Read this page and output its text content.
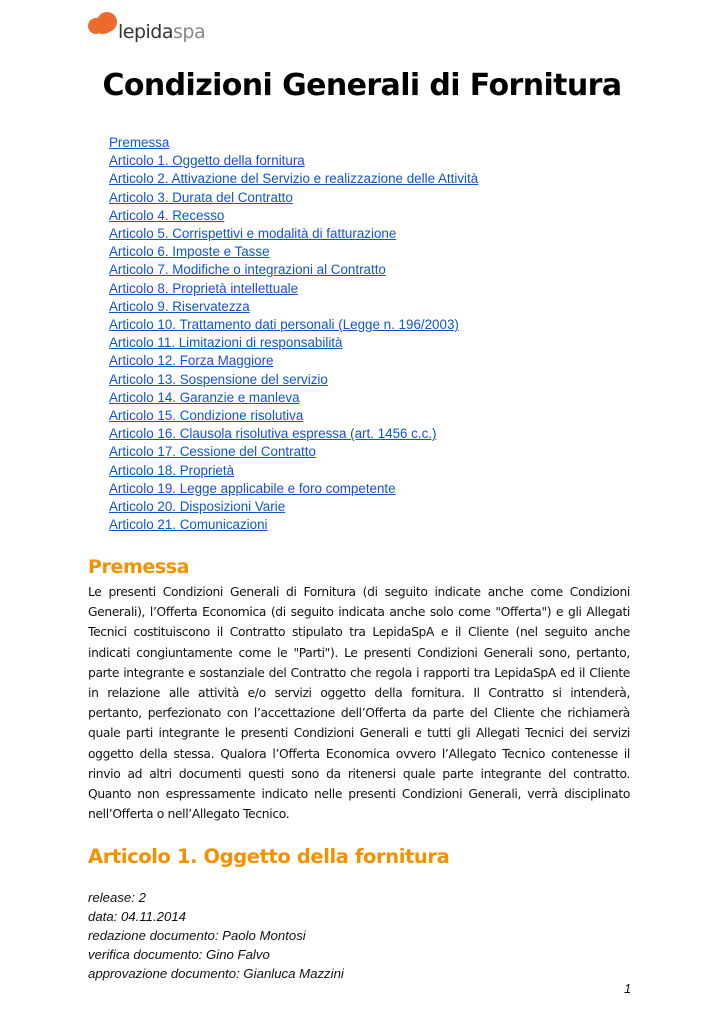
lepidaspa
Condizioni Generali di Fornitura
Premessa
Articolo 1. Oggetto della fornitura
Articolo 2. Attivazione del Servizio e realizzazione delle Attività
Articolo 3. Durata del Contratto
Articolo 4. Recesso
Articolo 5. Corrispettivi e modalità di fatturazione
Articolo 6. Imposte e Tasse
Articolo 7. Modifiche o integrazioni al Contratto
Articolo 8. Proprietà intellettuale
Articolo 9. Riservatezza
Articolo 10. Trattamento dati personali (Legge n. 196/2003)
Articolo 11. Limitazioni di responsabilità
Articolo 12. Forza Maggiore
Articolo 13. Sospensione del servizio
Articolo 14. Garanzie e manleva
Articolo 15. Condizione risolutiva
Articolo 16. Clausola risolutiva espressa (art. 1456 c.c.)
Articolo 17. Cessione del Contratto
Articolo 18. Proprietà
Articolo 19. Legge applicabile e foro competente
Articolo 20. Disposizioni Varie
Articolo 21. Comunicazioni
Premessa
Le presenti Condizioni Generali di Fornitura (di seguito indicate anche come Condizioni
Generali), l’Offerta Economica (di seguito indicata anche solo come "Offerta") e gli Allegati
Tecnici costituiscono il Contratto stipulato tra LepidaSpA e il Cliente (nel seguito anche
indicati congiuntamente come le "Parti"). Le presenti Condizioni Generali sono, pertanto,
parte integrante e sostanziale del Contratto che regola i rapporti tra LepidaSpA ed il Cliente
in relazione alle attività e/o servizi oggetto della fornitura. Il Contratto si intenderà,
pertanto, perfezionato con l’accettazione dell’Offerta da parte del Cliente che richiamerà
quale parti integrante le presenti Condizioni Generali e tutti gli Allegati Tecnici dei servizi
oggetto della stessa. Qualora l’Offerta Economica ovvero l’Allegato Tecnico contenesse il
rinvio ad altri documenti questi sono da ritenersi quale parte integrante del contratto.
Quanto non espressamente indicato nelle presenti Condizioni Generali, verrà disciplinato
nell’Offerta o nell’Allegato Tecnico.
Articolo 1. Oggetto della fornitura
release: 2
data: 04.11.2014
redazione documento: Paolo Montosi
verifica documento: Gino Falvo
approvazione documento: Gianluca Mazzini
1
